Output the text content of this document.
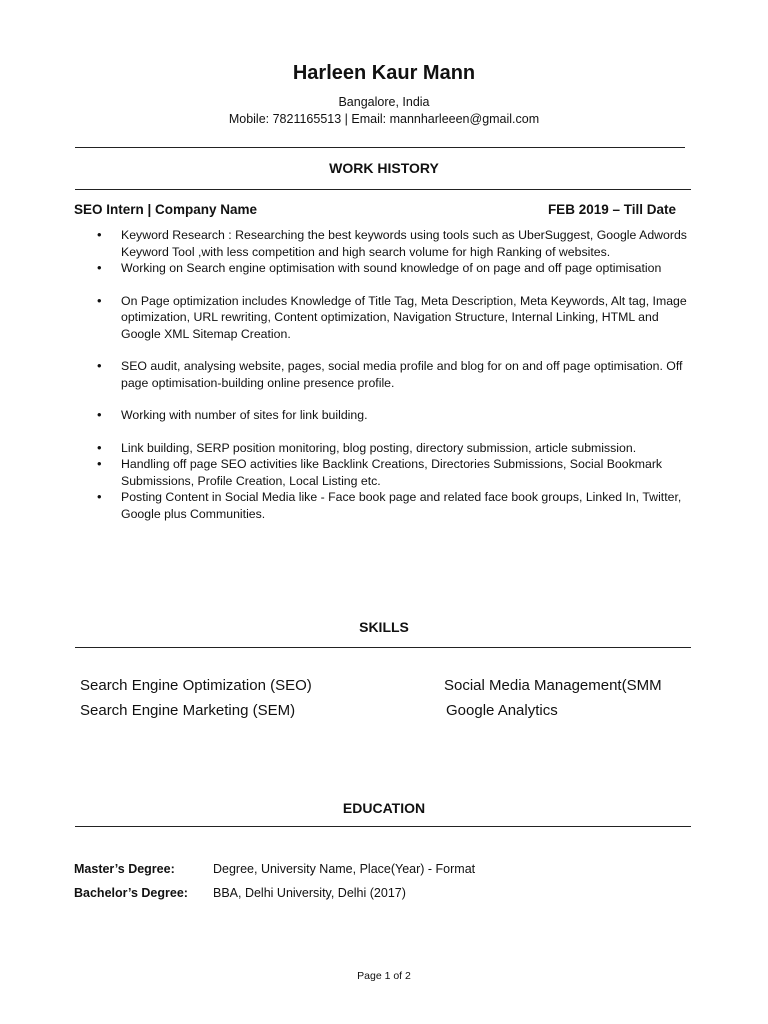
Harleen Kaur Mann
Bangalore, India
Mobile: 7821165513 | Email: mannharleeen@gmail.com
WORK HISTORY
SEO Intern | Company Name	FEB 2019 – Till Date
• Keyword Research : Researching the best keywords using tools such as UberSuggest, Google Adwords Keyword Tool ,with less competition and high search volume for high Ranking of websites.
• Working on Search engine optimisation with sound knowledge of on page and off page optimisation
• On Page optimization includes Knowledge of Title Tag, Meta Description, Meta Keywords, Alt tag, Image optimization, URL rewriting, Content optimization, Navigation Structure, Internal Linking, HTML and Google XML Sitemap Creation.
• SEO audit, analysing website, pages, social media profile and blog for on and off page optimisation. Off page optimisation-building online presence profile.
• Working with number of sites for link building.
• Link building, SERP position monitoring, blog posting, directory submission, article submission.
• Handling off page SEO activities like Backlink Creations, Directories Submissions, Social Bookmark Submissions, Profile Creation, Local Listing etc.
• Posting Content in Social Media like - Face book page and related face book groups, Linked In, Twitter, Google plus Communities.
SKILLS
Search Engine Optimization (SEO)	Social Media Management(SMM
Search Engine Marketing (SEM)	Google Analytics
EDUCATION
Master’s Degree:	Degree, University Name, Place(Year) - Format
Bachelor’s Degree: BBA, Delhi University, Delhi (2017)
Page 1 of 2
